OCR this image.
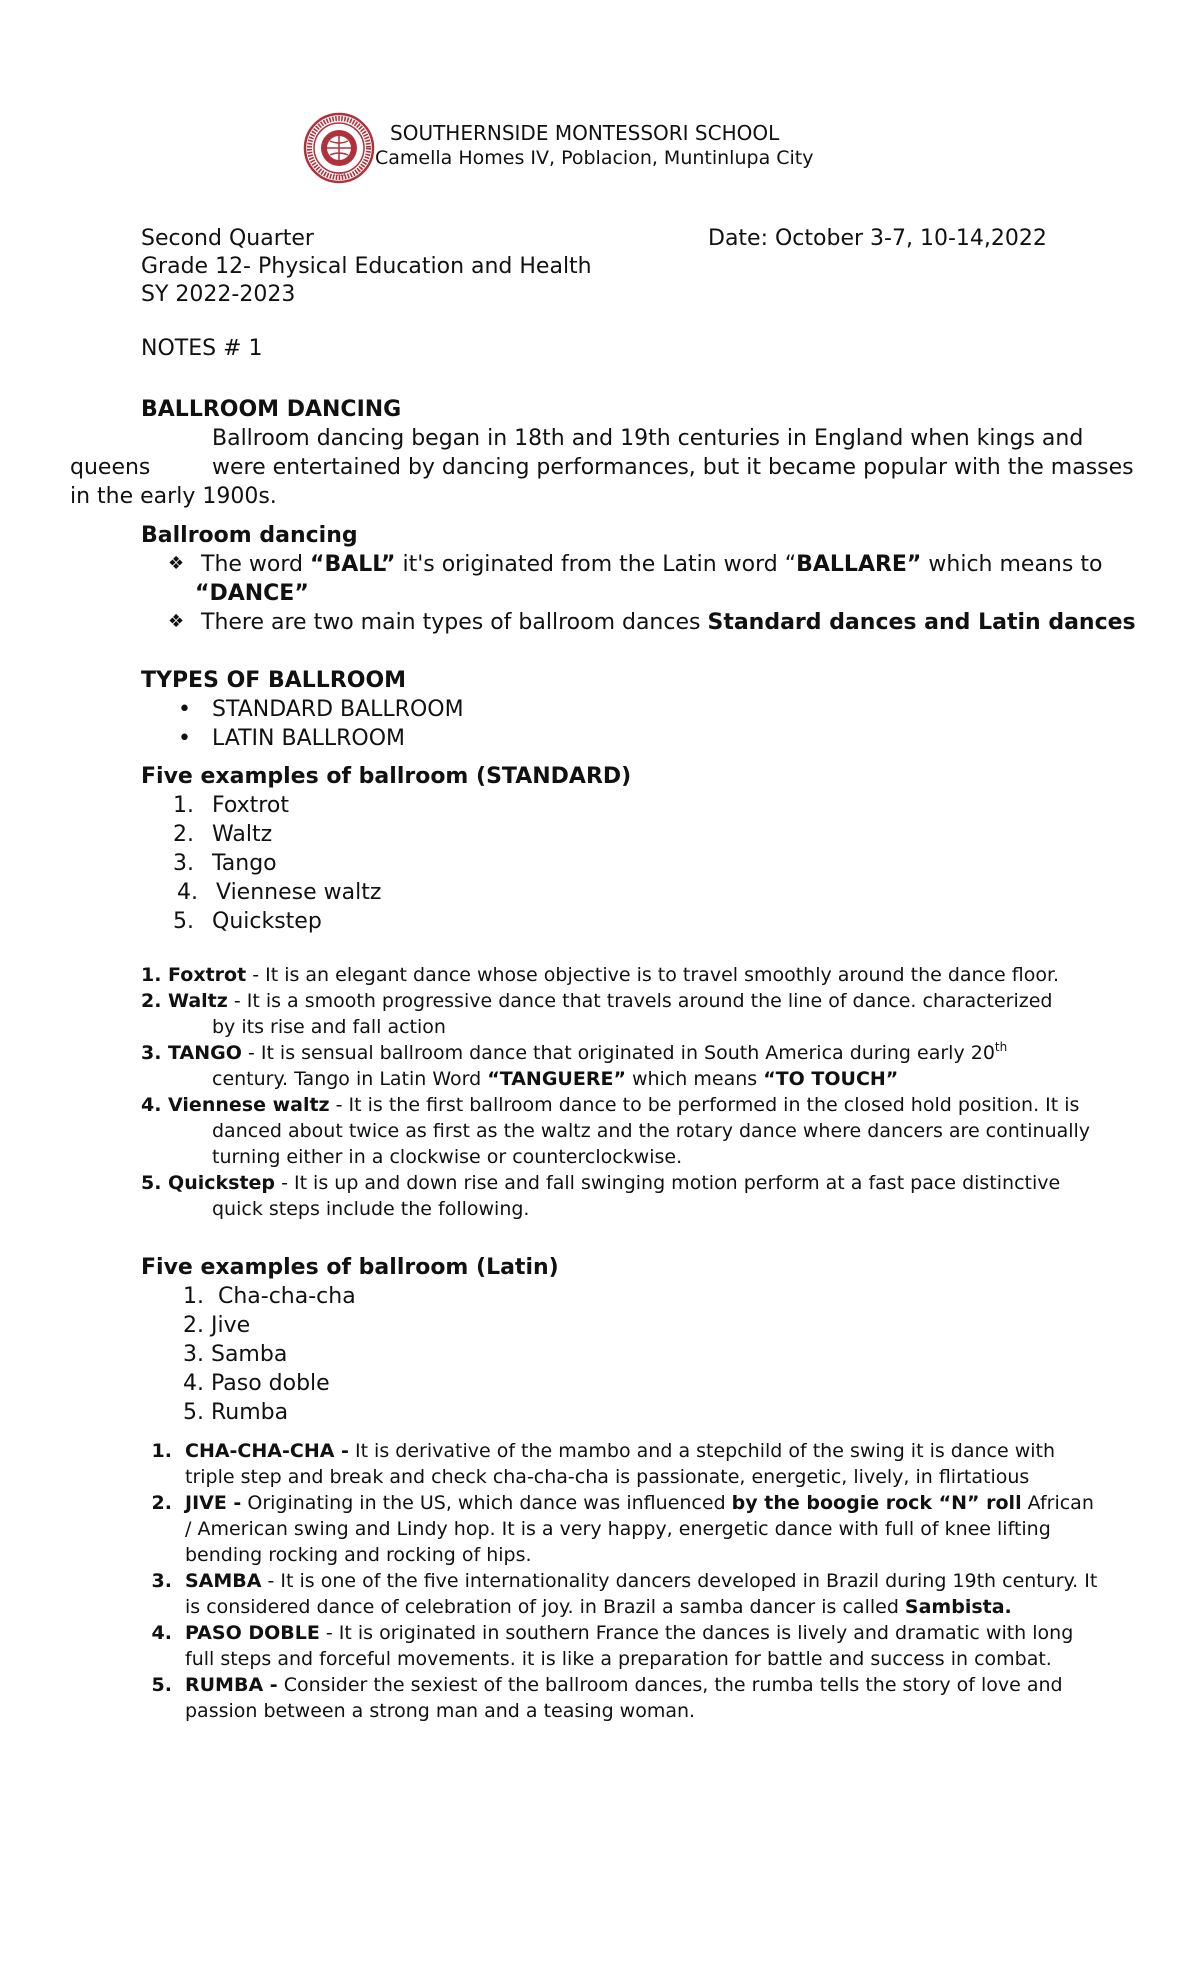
1989
SOUTHERNSIDE MONTESSORI SCHOOL
Camella Homes IV, Poblacion, Muntinlupa City
Second Quarter	Date: October 3-7, 10-14,2022
Grade 12- Physical Education and Health
SY 2022-2023
NOTES # 1
BALLROOM DANCING
Ballroom dancing began in 18th and 19th centuries in England when kings and
queens	were entertained by dancing performances, but it became popular with the masses
in the early 1900s.
Ballroom dancing
❖ The word “BALL” it's originated from the Latin word “BALLARE” which means to
“DANCE”
❖ There are two main types of ballroom dances Standard dances and Latin dances
TYPES OF BALLROOM
• STANDARD BALLROOM
• LATIN BALLROOM
Five examples of ballroom (STANDARD)
1. Foxtrot
2. Waltz
3. Tango
4. Viennese waltz
5. Quickstep
1. Foxtrot - It is an elegant dance whose objective is to travel smoothly around the dance floor.
2. Waltz - It is a smooth progressive dance that travels around the line of dance. characterized
by its rise and fall action
3. TANGO - It is sensual ballroom dance that originated in South America during early 20th
century. Tango in Latin Word “TANGUERE” which means “TO TOUCH”
4. Viennese waltz - It is the first ballroom dance to be performed in the closed hold position. It is
danced about twice as first as the waltz and the rotary dance where dancers are continually
turning either in a clockwise or counterclockwise.
5. Quickstep - It is up and down rise and fall swinging motion perform at a fast pace distinctive
quick steps include the following.
Five examples of ballroom (Latin)
1.  Cha-cha-cha
2. Jive
3. Samba
4. Paso doble
5. Rumba
1. CHA-CHA-CHA - It is derivative of the mambo and a stepchild of the swing it is dance with
triple step and break and check cha-cha-cha is passionate, energetic, lively, in flirtatious
2. JIVE - Originating in the US, which dance was influenced by the boogie rock “N” roll African
/ American swing and Lindy hop. It is a very happy, energetic dance with full of knee lifting
bending rocking and rocking of hips.
3. SAMBA - It is one of the five internationality dancers developed in Brazil during 19th century. It
is considered dance of celebration of joy. in Brazil a samba dancer is called Sambista.
4. PASO DOBLE - It is originated in southern France the dances is lively and dramatic with long
full steps and forceful movements. it is like a preparation for battle and success in combat.
5. RUMBA - Consider the sexiest of the ballroom dances, the rumba tells the story of love and
passion between a strong man and a teasing woman.
